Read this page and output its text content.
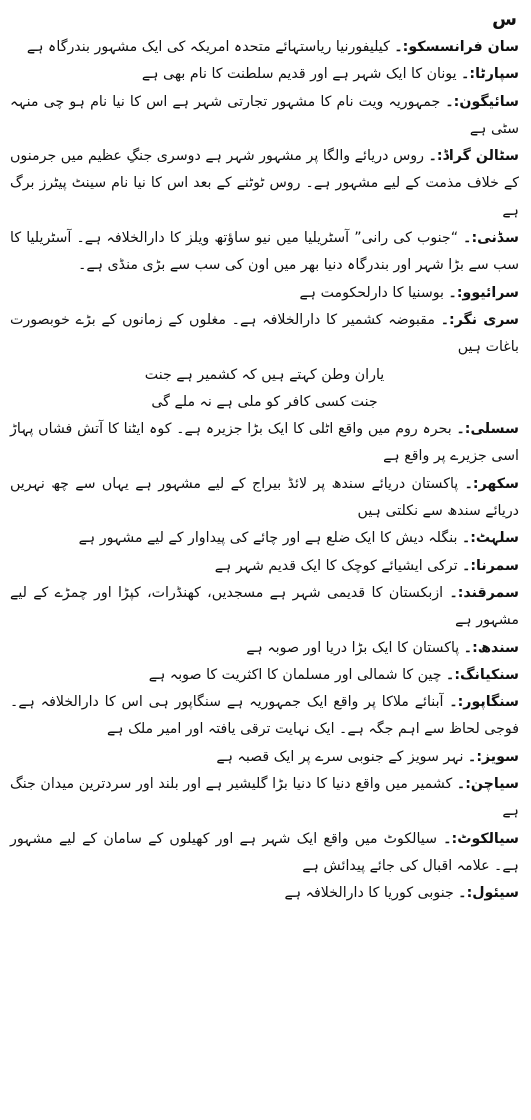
س

سان فرانسسکو:۔ کیلیفورنیا ریاستہائے متحدہ امریکہ کی ایک مشہور بندرگاہ ہے

سپارٹا:۔ یونان کا ایک شہر ہے اور قدیم سلطنت کا نام بھی ہے

سائیگون:۔ جمہوریہ ویت نام کا مشہور تجارتی شہر ہے اس کا نیا نام ہو چی منہہ سٹی ہے

سٹالن گراڈ:۔ روس دریائے والگا پر مشہور شہر ہے دوسری جنگِ عظیم میں جرمنوں کے خلاف مذمت کے لیے مشہور ہے۔ روس ٹوٹنے کے بعد اس کا نیا نام سینٹ پیٹرز برگ ہے

سڈنی:۔ “جنوب کی رانی” آسٹریلیا میں نیو ساؤتھ ویلز کا دارالخلافہ ہے۔ آسٹریلیا کا سب سے بڑا شہر اور بندرگاہ دنیا بھر میں اون کی سب سے بڑی منڈی ہے۔

سرائیوو:۔ بوسنیا کا دارلحکومت ہے

سری نگر:۔ مقبوضہ کشمیر کا دارالخلافہ ہے۔ مغلوں کے زمانوں کے بڑے خوبصورت باغات ہیں

یاران وطن کہتے ہیں کہ کشمیر ہے جنت

جنت کسی کافر کو ملی ہے نہ ملے گی

سسلی:۔ بحرہ روم میں واقع اٹلی کا ایک بڑا جزیرہ ہے۔ کوہ ایٹنا کا آتش فشاں پہاڑ اسی جزیرے پر واقع ہے

سکھر:۔ پاکستان دریائے سندھ پر لائڈ بیراج کے لیے مشہور ہے یہاں سے چھ نہریں دریائے سندھ سے نکلتی ہیں

سلہٹ:۔ بنگلہ دیش کا ایک ضلع ہے اور چائے کی پیداوار کے لیے مشہور ہے

سمرنا:۔ ترکی ایشیائے کوچک کا ایک قدیم شہر ہے

سمرقند:۔ ازبکستان کا قدیمی شہر ہے مسجدیں، کھنڈرات، کپڑا اور چمڑے کے لیے مشہور ہے

سندھ:۔ پاکستان کا ایک بڑا دریا اور صوبہ ہے

سنکیانگ:۔ چین کا شمالی اور مسلمان کا اکثریت کا صوبہ ہے

سنگاپور:۔ آبنائے ملاکا پر واقع ایک جمہوریہ ہے سنگاپور ہی اس کا دارالخلافہ ہے۔ فوجی لحاظ سے اہم جگہ ہے۔ ایک نہایت ترقی یافتہ اور امیر ملک ہے

سویز:۔ نہر سویز کے جنوبی سرے پر ایک قصبہ ہے

سیاچن:۔ کشمیر میں واقع دنیا کا دنیا بڑا گلیشیر ہے اور بلند اور سردترین میدان جنگ ہے

سیالکوٹ:۔ سیالکوٹ میں واقع ایک شہر ہے اور کھیلوں کے سامان کے لیے مشہور ہے۔ علامہ اقبال کی جائے پیدائش ہے

سیئول:۔ جنوبی کوریا کا دارالخلافہ ہے
